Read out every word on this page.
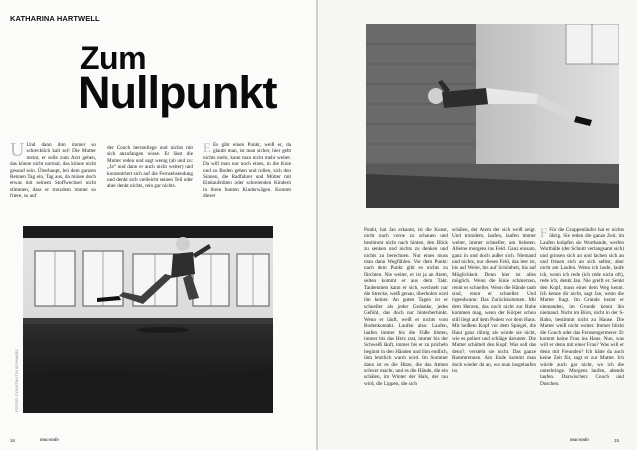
KATHARINA HARTWELL
Zum
Nullpunkt
U Und dann ihm immer so schrecklich kalt sei! Die Mutter meint, er solle zum Arzt gehen, das könne nicht normal, das könne nicht gesund sein. Überhaupt, bei dem ganzen Rennen Tag ein, Tag aus, da müsse doch etwas mit seinem Stoffwechsel nicht stimmen, dass er trotzdem immer so friere, so auf
der Couch herumliege und nichts mit sich anzufangen wisse. Er lässt die Mutter reden und sagt wenig (ab und zu: „Ja“ und dann er auch nicht weiter) und konzentriert sich auf die Fernsehsendung und denkt sich vielleicht seinen Teil oder aber denkt nichts, rein gar nichts.
E Es gibt einen Punkt, weiß er, da glaubt man, ist man sicher, hier geht nichts mehr, kann man nicht mehr weiter. Da will man nur noch eines, in die Knie und zu Boden gehen und rollen, sich den Sinnen, die Radfahrer und Mütter mit Einkaufstüten oder schreienden Kindern in ihren bunten Kinderwägen. Kommt dieser
FOTOS: CONSTANTIN SCHWARZ
16	macondo
Punkt, hat Jan erkannt, ist die Kunst, nicht nach vorne zu schauen und bestimmt nicht nach hinten, den Blick zu senken und nichts zu denken und nichts zu berechnen. Nur eines muss man dann Wegfühlen. Vor dem Punkt: nach dem Punkt gibt es nichts zu fürchten. Nie weiter, er ist ja an Atem, selten kommt er aus dem Takt. Taubenmen kann er sich, wechselt nur die Strecke, weiß genau, überholen wird ihn keiner. An guten Tagen ist er schneller als jeder Gedanke, jedes Gefühl, das doch nur hinterherhinkt. Wenn er läuft, weiß er nichts vom Bodenkontakt. Laufen also: Laufen, laufen immer bis die Füße bluten, immer bis das Herz rast, immer bis der Schweiß läuft, immer bis er zu pricheln beginnt in den Händen und ihm endlich, ihm letztlich warm wird. Im Sommer dann ist es die Hitze, die das Atmen schwer macht, und es die Hände, die ein schälen, im Winter der Hals, der rau wird, die Lippen, die sich
schälen, der Atem der sich weiß zeigt. Und trotzdem, laufen, laufen immer weiter, immer schneller, am liebsten. Alleine morgens ins Feld. Ganz einsam, ganz in und doch außer sich. Niemand und nichts, nur dieses Feld, das leer ist, bis auf Weite, bis auf Schönheit, bis auf Möglichkeit. Denn hier ist alles möglich. Wenn die Knie schmerzen, rennt er schneller. Wenn die Hände taub sind, rennt er schneller. Und irgendwann: Das Zurückkommen. Mit dem Herzen, das noch nicht zur Ruhe kommen mag, wenn der Körper schon still liegt auf dem Podest vor dem Haus. Mit heißem Kopf vor dem Spiegel, die Haut ganz rührig als würde sie nicht, wie es poliert und schläge darunter. Die Mutter schüttelt den Kopf. Was soll das denn?, versteht sie nicht. Das ganze Rummrennen. Am Ende kommt man doch wieder da an, wo man losgelaufen ist.
F Für die Gruppenläufer hat er nichts übrig. Sie reden die ganze Zeit, im Laufen knüpfen sie Wortbande, werfen Wortbälle (der Schnitt verlangsamt sich) und grinsen sich an und lachen sich an und freuen sich an sich selbst, aber nicht am Laufen. Wenn ich laufe, laufe ich, wenn ich rede (ich rede nicht oft), rede ich, denkt Jan. Nie greift er. Senkt den Kopf, muss einer dem Weg kennt. Ich kenne dir nicht, sagt Jan, wenn die Mutter fragt. Im Grunde kennt er niemanden, im Grunde kennt ihn niemand. Nicht im Büro, nicht in der S-Bahn, bestimmt nicht zu Hause. Die Mutter weiß nicht weiter. Immer blickt die Couch oder das Fernsengermerer. Er kommt keine Frau ins Haus. Nun, was will er denn mit einer Frau? Was will er denn mit Freunden? Ich hätte da auch keine Zeit für, sagt er zur Mutter. Ich würde auch gar nicht, wo ich die unterbringe. Morgens laufen, abends laufen. Dazwischen: Couch und Duschen.
macondo	15
